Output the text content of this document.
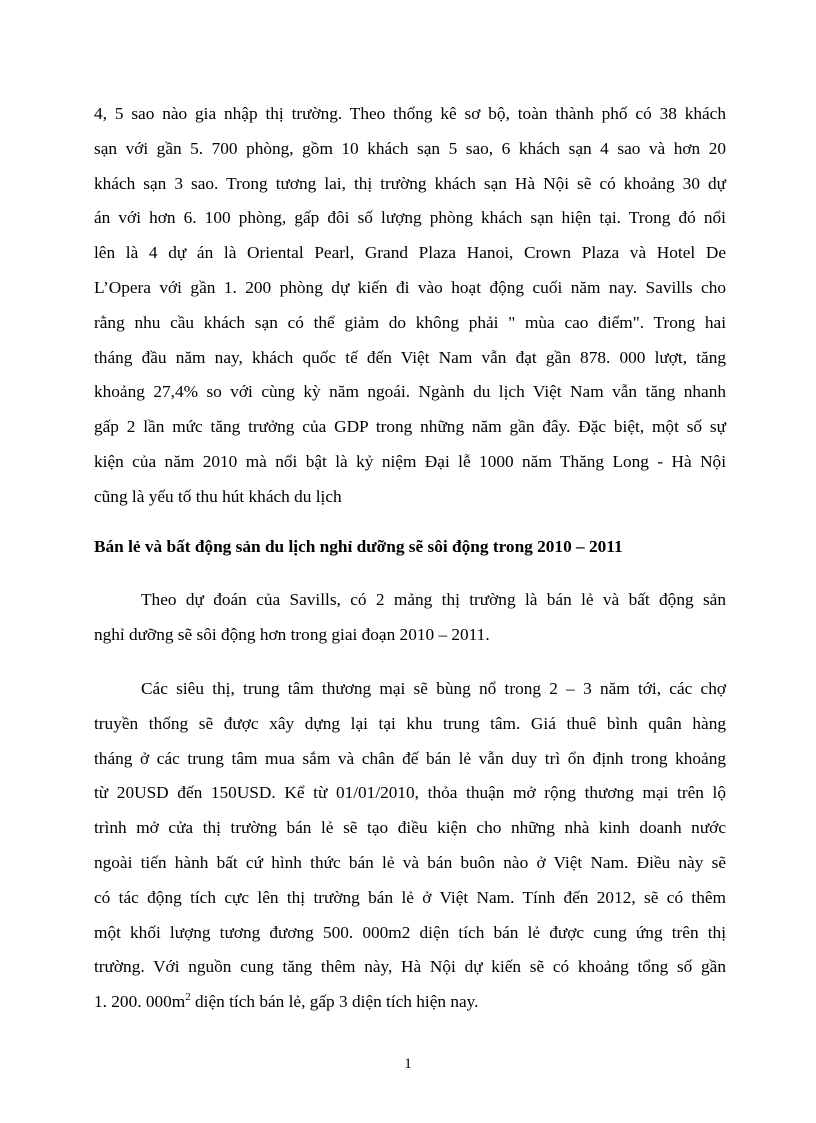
4, 5 sao nào gia nhập thị trường. Theo thống kê sơ bộ, toàn thành phố có 38 khách
sạn với gần 5. 700 phòng, gồm 10 khách sạn 5 sao, 6 khách sạn 4 sao và hơn 20
khách sạn 3 sao. Trong tương lai, thị trường khách sạn Hà Nội sẽ có khoảng 30 dự
án với hơn 6. 100 phòng, gấp đôi số lượng phòng khách sạn hiện tại. Trong đó nổi
lên là 4 dự án là Oriental Pearl, Grand Plaza Hanoi, Crown Plaza và Hotel De
L’Opera với gần 1. 200 phòng dự kiến đi vào hoạt động cuối năm nay. Savills cho
rằng nhu cầu khách sạn có thể giảm do không phải " mùa cao điểm". Trong hai
tháng đầu năm nay, khách quốc tế đến Việt Nam vẫn đạt gần 878. 000 lượt, tăng
khoảng 27,4% so với cùng kỳ năm ngoái. Ngành du lịch Việt Nam vẫn tăng nhanh
gấp 2 lần mức tăng trưởng của GDP trong những năm gần đây. Đặc biệt, một số sự
kiện của năm 2010 mà nổi bật là kỷ niệm Đại lễ 1000 năm Thăng Long - Hà Nội
cũng là yếu tố thu hút khách du lịch
Bán lẻ và bất động sản du lịch nghỉ dưỡng sẽ sôi động trong 2010 – 2011
Theo dự đoán của Savills, có 2 mảng thị trường là bán lẻ và bất động sản
nghỉ dưỡng sẽ sôi động hơn trong giai đoạn 2010 – 2011.
Các siêu thị, trung tâm thương mại sẽ bùng nổ trong 2 – 3 năm tới, các chợ
truyền thống sẽ được xây dựng lại tại khu trung tâm. Giá thuê bình quân hàng
tháng ở các trung tâm mua sắm và chân đế bán lẻ vẫn duy trì ổn định trong khoảng
từ 20USD đến 150USD. Kể từ 01/01/2010, thỏa thuận mở rộng thương mại trên lộ
trình mở cửa thị trường bán lẻ sẽ tạo điều kiện cho những nhà kinh doanh nước
ngoài tiến hành bất cứ hình thức bán lẻ và bán buôn nào ở Việt Nam. Điều này sẽ
có tác động tích cực lên thị trường bán lẻ ở Việt Nam. Tính đến 2012, sẽ có thêm
một khối lượng tương đương 500. 000m2 diện tích bán lẻ được cung ứng trên thị
trường. Với nguồn cung tăng thêm này, Hà Nội dự kiến sẽ có khoảng tổng số gần
1. 200. $000m^2$ diện tích bán lẻ, gấp 3 diện tích hiện nay.
1
